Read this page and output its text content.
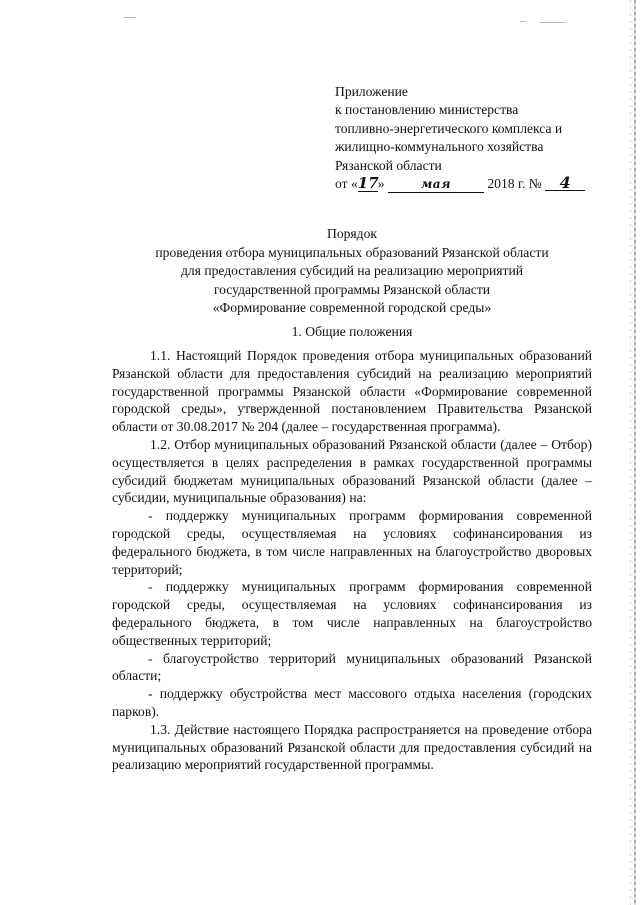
Приложение
к постановлению министерства
топливно-энергетического комплекса и
жилищно-коммунального хозяйства
Рязанской области
от «17»	мая	2018 г. № 4
Порядок
проведения отбора муниципальных образований Рязанской области
для предоставления субсидий на реализацию мероприятий
государственной программы Рязанской области
«Формирование современной городской среды»
1. Общие положения

1.1. Настоящий Порядок проведения отбора муниципальных образований Рязанской области для предоставления субсидий на реализацию мероприятий государственной программы Рязанской области «Формирование современной городской среды», утвержденной постановлением Правительства Рязанской области от 30.08.2017 № 204 (далее – государственная программа).

1.2. Отбор муниципальных образований Рязанской области (далее – Отбор) осуществляется в целях распределения в рамках государственной программы субсидий бюджетам муниципальных образований Рязанской области (далее – субсидии, муниципальные образования) на:

- поддержку муниципальных программ формирования современной городской среды, осуществляемая на условиях софинансирования из федерального бюджета, в том числе направленных на благоустройство дворовых территорий;

- поддержку муниципальных программ формирования современной городской среды, осуществляемая на условиях софинансирования из федерального бюджета, в том числе направленных на благоустройство общественных территорий;

- благоустройство территорий муниципальных образований Рязанской области;

- поддержку обустройства мест массового отдыха населения (городских парков).

1.3. Действие настоящего Порядка распространяется на проведение отбора муниципальных образований Рязанской области для предоставления субсидий на реализацию мероприятий государственной программы.
